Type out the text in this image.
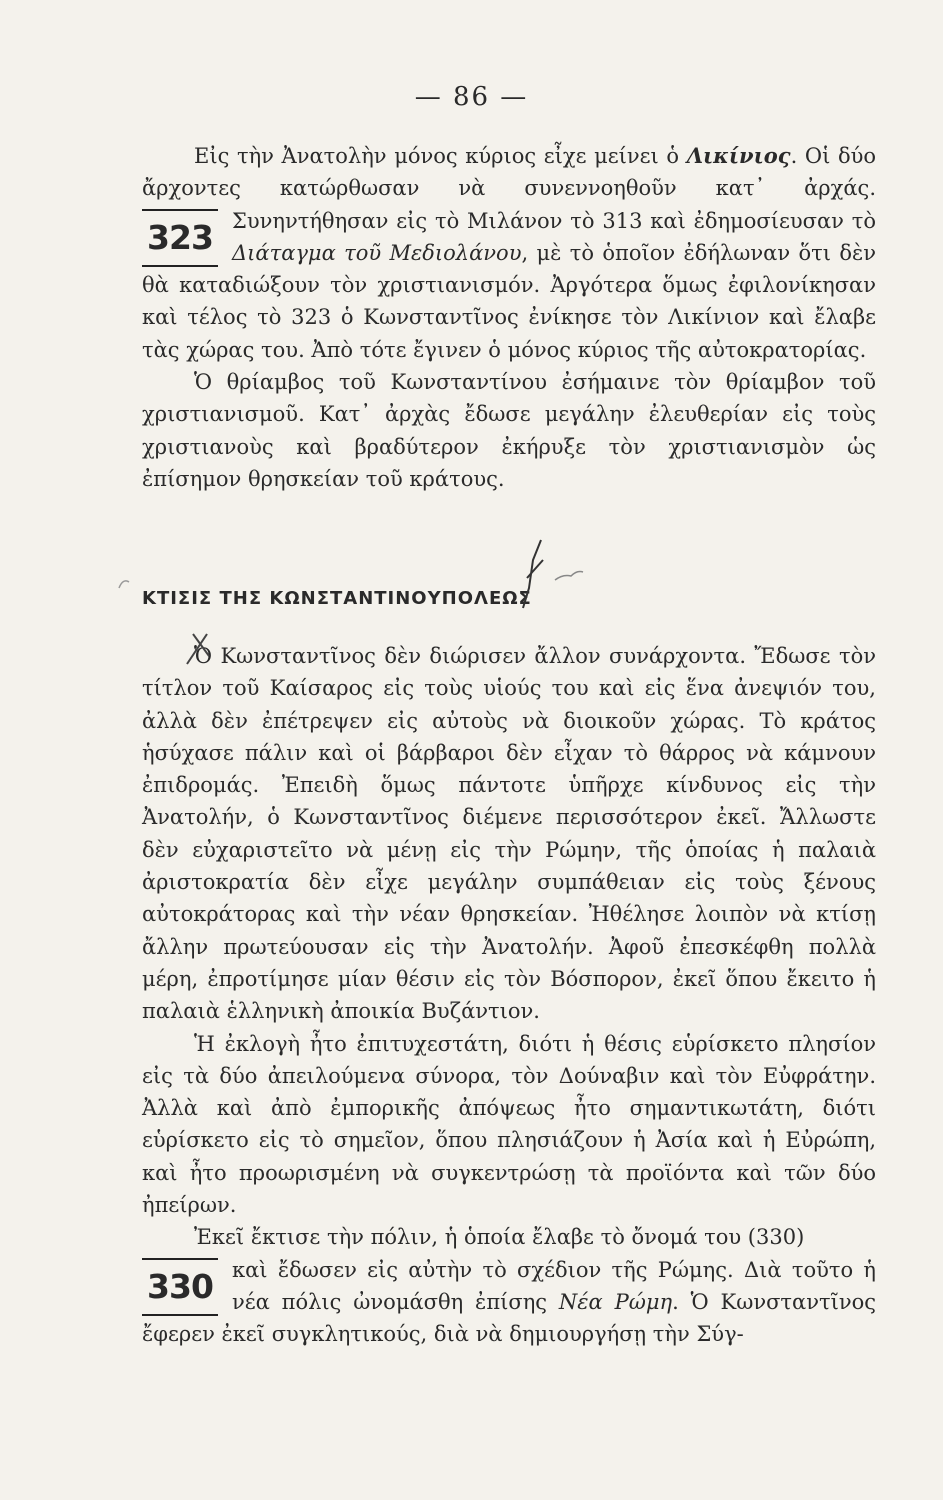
— 86 —

Εἰς τὴν Ἀνατολὴν μόνος κύριος εἶχε μείνει ὁ Λικίνιος. Οἱ δύο ἄρχοντες κατώρθωσαν νὰ συνεννοηθοῦν κατ᾿ ἀρχάς. Συνηντήθησαν εἰς τὸ Μιλάνον τὸ 313 καὶ ἐδημοσίευσαν τὸ
323 Διάταγμα τοῦ Μεδιολάνου, μὲ τὸ ὁποῖον ἐδήλωναν ὅτι δὲν θὰ καταδιώξουν τὸν χριστιανισμόν. Ἀργότερα ὅμως ἐφιλονίκησαν καὶ τέλος τὸ 323 ὁ Κωνσταντῖνος ἐνίκησε τὸν Λικίνιον καὶ ἔλαβε τὰς χώρας του. Ἀπὸ τότε ἔγινεν ὁ μόνος κύριος τῆς αὐτοκρατορίας.

Ὁ θρίαμβος τοῦ Κωνσταντίνου ἐσήμαινε τὸν θρίαμβον τοῦ χριστιανισμοῦ. Κατ᾿ ἀρχὰς ἔδωσε μεγάλην ἐλευθερίαν εἰς τοὺς χριστιανοὺς καὶ βραδύτερον ἐκήρυξε τὸν χριστιανισμὸν ὡς ἐπίσημον θρησκείαν τοῦ κράτους.

ΚΤΙΣΙΣ ΤΗΣ ΚΩΝΣΤΑΝΤΙΝΟΥΠΟΛΕΩΣ

Ὁ Κωνσταντῖνος δὲν διώρισεν ἄλλον συνάρχοντα. Ἔδωσε τὸν τίτλον τοῦ Καίσαρος εἰς τοὺς υἱούς του καὶ εἰς ἕνα ἀνεψιόν του, ἀλλὰ δὲν ἐπέτρεψεν εἰς αὐτοὺς νὰ διοικοῦν χώρας. Τὸ κράτος ἡσύχασε πάλιν καὶ οἱ βάρβαροι δὲν εἶχαν τὸ θάρρος νὰ κάμνουν ἐπιδρομάς. Ἐπειδὴ ὅμως πάντοτε ὑπῆρχε κίνδυνος εἰς τὴν Ἀνατολήν, ὁ Κωνσταντῖνος διέμενε περισσότερον ἐκεῖ. Ἄλλωστε δὲν εὐχαριστεῖτο νὰ μένῃ εἰς τὴν Ρώμην, τῆς ὁποίας ἡ παλαιὰ ἀριστοκρατία δὲν εἶχε μεγάλην συμπάθειαν εἰς τοὺς ξένους αὐτοκράτορας καὶ τὴν νέαν θρησκείαν. Ἠθέλησε λοιπὸν νὰ κτίσῃ ἄλλην πρωτεύουσαν εἰς τὴν Ἀνατολήν. Ἀφοῦ ἐπεσκέφθη πολλὰ μέρη, ἐπροτίμησε μίαν θέσιν εἰς τὸν Βόσπορον, ἐκεῖ ὅπου ἔκειτο ἡ παλαιὰ ἑλληνικὴ ἀποικία Βυζάντιον.

Ἡ ἐκλογὴ ἦτο ἐπιτυχεστάτη, διότι ἡ θέσις εὑρίσκετο πλησίον εἰς τὰ δύο ἀπειλούμενα σύνορα, τὸν Δούναβιν καὶ τὸν Εὐφράτην. Ἀλλὰ καὶ ἀπὸ ἐμπορικῆς ἀπόψεως ἦτο σημαντικωτάτη, διότι εὑρίσκετο εἰς τὸ σημεῖον, ὅπου πλησιάζουν ἡ Ἀσία καὶ ἡ Εὐρώπη, καὶ ἦτο προωρισμένη νὰ συγκεντρώσῃ τὰ προϊόντα καὶ τῶν δύο ἠπείρων.

Ἐκεῖ ἔκτισε τὴν πόλιν, ἡ ὁποία ἔλαβε τὸ ὄνομά του (330)

330 καὶ ἔδωσεν εἰς αὐτὴν τὸ σχέδιον τῆς Ρώμης. Διὰ τοῦτο ἡ νέα πόλις ὠνομάσθη ἐπίσης Νέα Ρώμη. Ὁ Κωνσταντῖνος ἔφερεν ἐκεῖ συγκλητικούς, διὰ νὰ δημιουργήσῃ τὴν Σύγ-
